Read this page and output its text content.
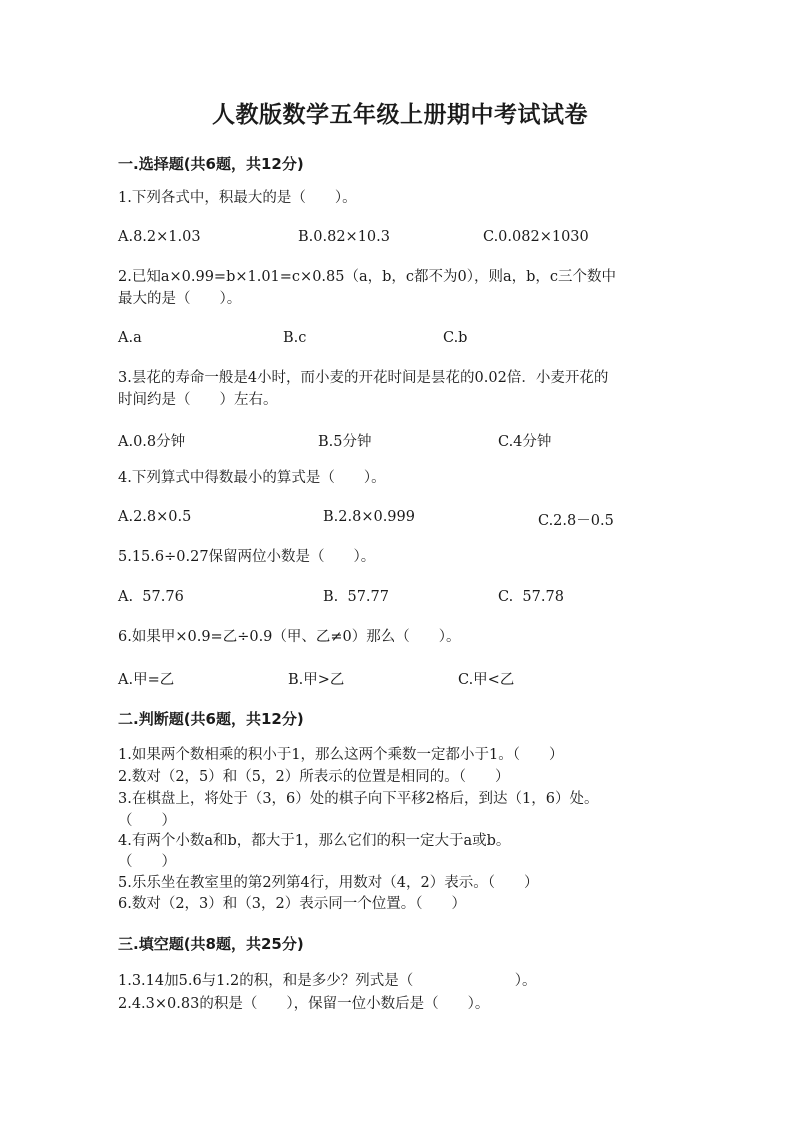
人教版数学五年级上册期中考试试卷
一.选择题(共6题，共12分)
1.下列各式中，积最大的是（　　）。
A.8.2×1.03	B.0.82×10.3	C.0.082×1030
2.已知a×0.99=b×1.01=c×0.85（a，b，c都不为0），则a，b，c三个数中
最大的是（　　）。
A.a	B.c	C.b
3.昙花的寿命一般是4小时，而小麦的开花时间是昙花的0.02倍．小麦开花的
时间约是（　　）左右。
A.0.8分钟	B.5分钟	C.4分钟
4.下列算式中得数最小的算式是（　　）。
A.2.8×0.5	B.2.8×0.999	C.2.8－0.5
5.15.6÷0.27保留两位小数是（　　）。
A.  57.76	B.  57.77	C.  57.78
6.如果甲×0.9=乙÷0.9（甲、乙≠0）那么（　　）。
A.甲=乙	B.甲>乙	C.甲<乙
二.判断题(共6题，共12分)
1.如果两个数相乘的积小于1，那么这两个乘数一定都小于1。（　　）
2.数对（2，5）和（5，2）所表示的位置是相同的。（　　）
3.在棋盘上，将处于（3，6）处的棋子向下平移2格后，到达（1，6）处。
（　　）
4.有两个小数a和b，都大于1，那么它们的积一定大于a或b。
（　　）
5.乐乐坐在教室里的第2列第4行，用数对（4，2）表示。（　　）
6.数对（2，3）和（3，2）表示同一个位置。（　　）
三.填空题(共8题，共25分)
1.3.14加5.6与1.2的积，和是多少？列式是（　　　　　　　）。
2.4.3×0.83的积是（　　），保留一位小数后是（　　）。
